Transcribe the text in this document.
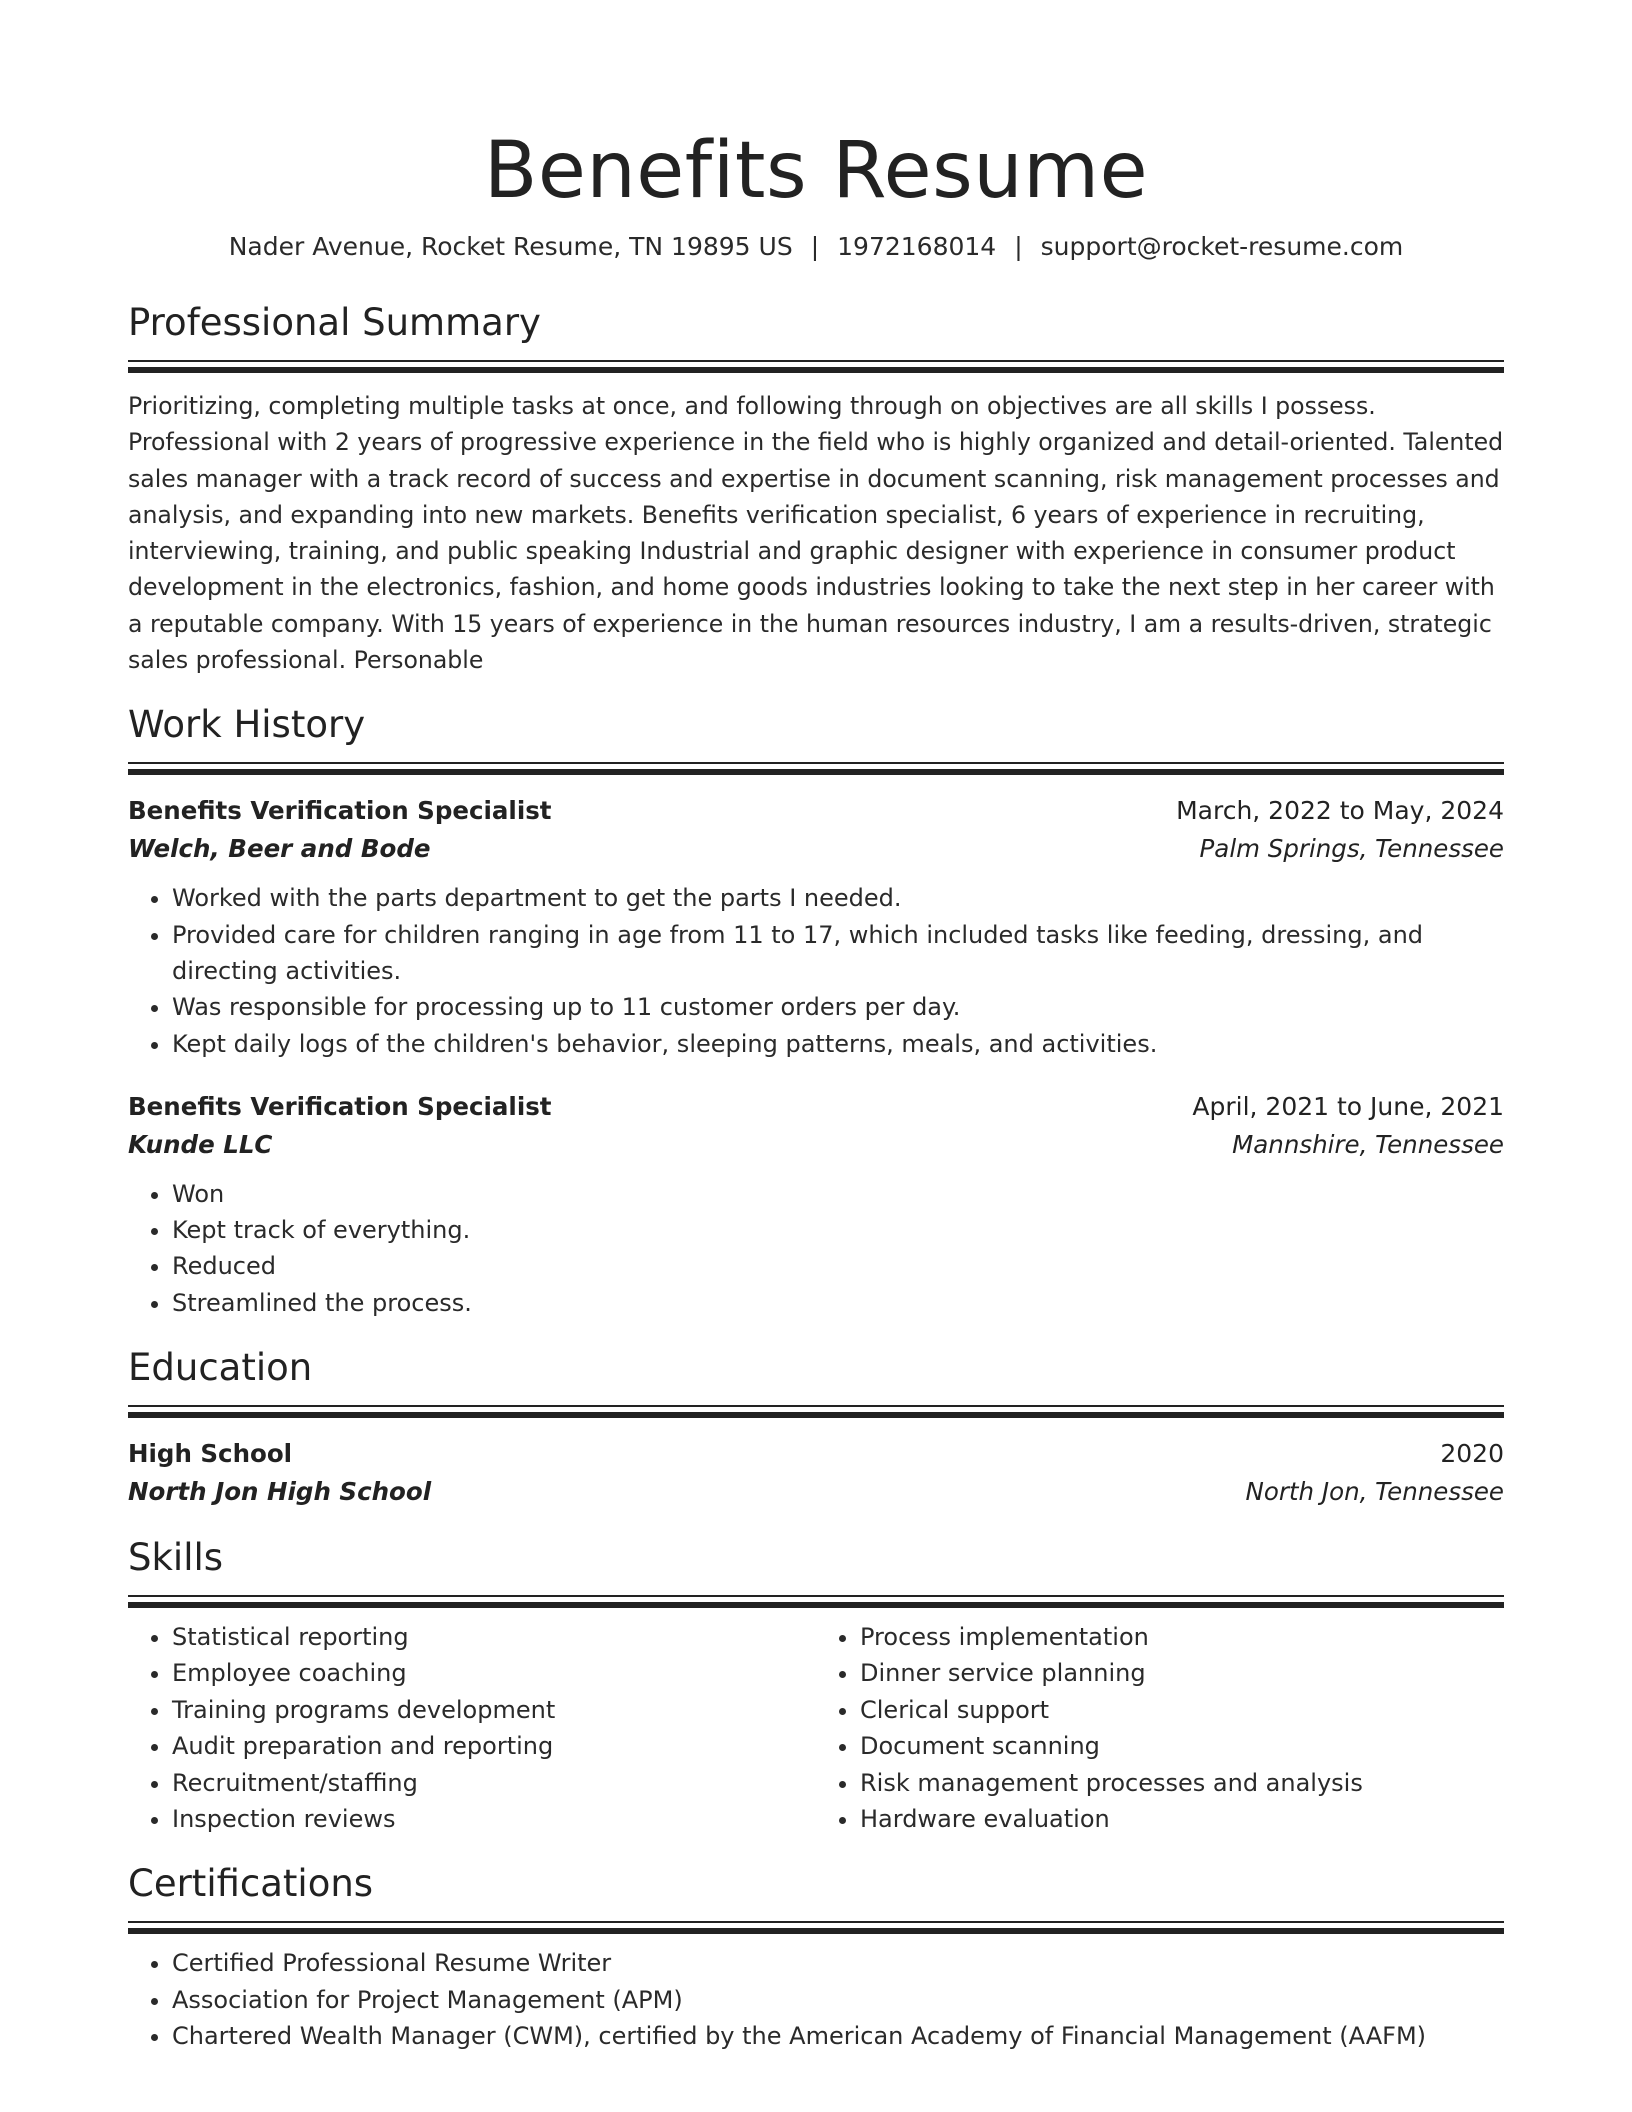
Benefits Resume
Nader Avenue, Rocket Resume, TN 19895 US | 1972168014 | support@rocket-resume.com
Professional Summary
Prioritizing, completing multiple tasks at once, and following through on objectives are all skills I possess. Professional with 2 years of progressive experience in the field who is highly organized and detail-oriented. Talented sales manager with a track record of success and expertise in document scanning, risk management processes and analysis, and expanding into new markets. Benefits verification specialist, 6 years of experience in recruiting, interviewing, training, and public speaking Industrial and graphic designer with experience in consumer product development in the electronics, fashion, and home goods industries looking to take the next step in her career with a reputable company. With 15 years of experience in the human resources industry, I am a results-driven, strategic sales professional. Personable
Work History
Benefits Verification Specialist	March, 2022 to May, 2024
Welch, Beer and Bode	Palm Springs, Tennessee
• Worked with the parts department to get the parts I needed.
• Provided care for children ranging in age from 11 to 17, which included tasks like feeding, dressing, and directing activities.
• Was responsible for processing up to 11 customer orders per day.
• Kept daily logs of the children's behavior, sleeping patterns, meals, and activities.
Benefits Verification Specialist	April, 2021 to June, 2021
Kunde LLC	Mannshire, Tennessee
• Won
• Kept track of everything.
• Reduced
• Streamlined the process.
Education
High School	2020
North Jon High School	North Jon, Tennessee
Skills
• Statistical reporting
• Employee coaching
• Training programs development
• Audit preparation and reporting
• Recruitment/staffing
• Inspection reviews
• Process implementation
• Dinner service planning
• Clerical support
• Document scanning
• Risk management processes and analysis
• Hardware evaluation
Certifications
• Certified Professional Resume Writer
• Association for Project Management (APM)
• Chartered Wealth Manager (CWM), certified by the American Academy of Financial Management (AAFM)
